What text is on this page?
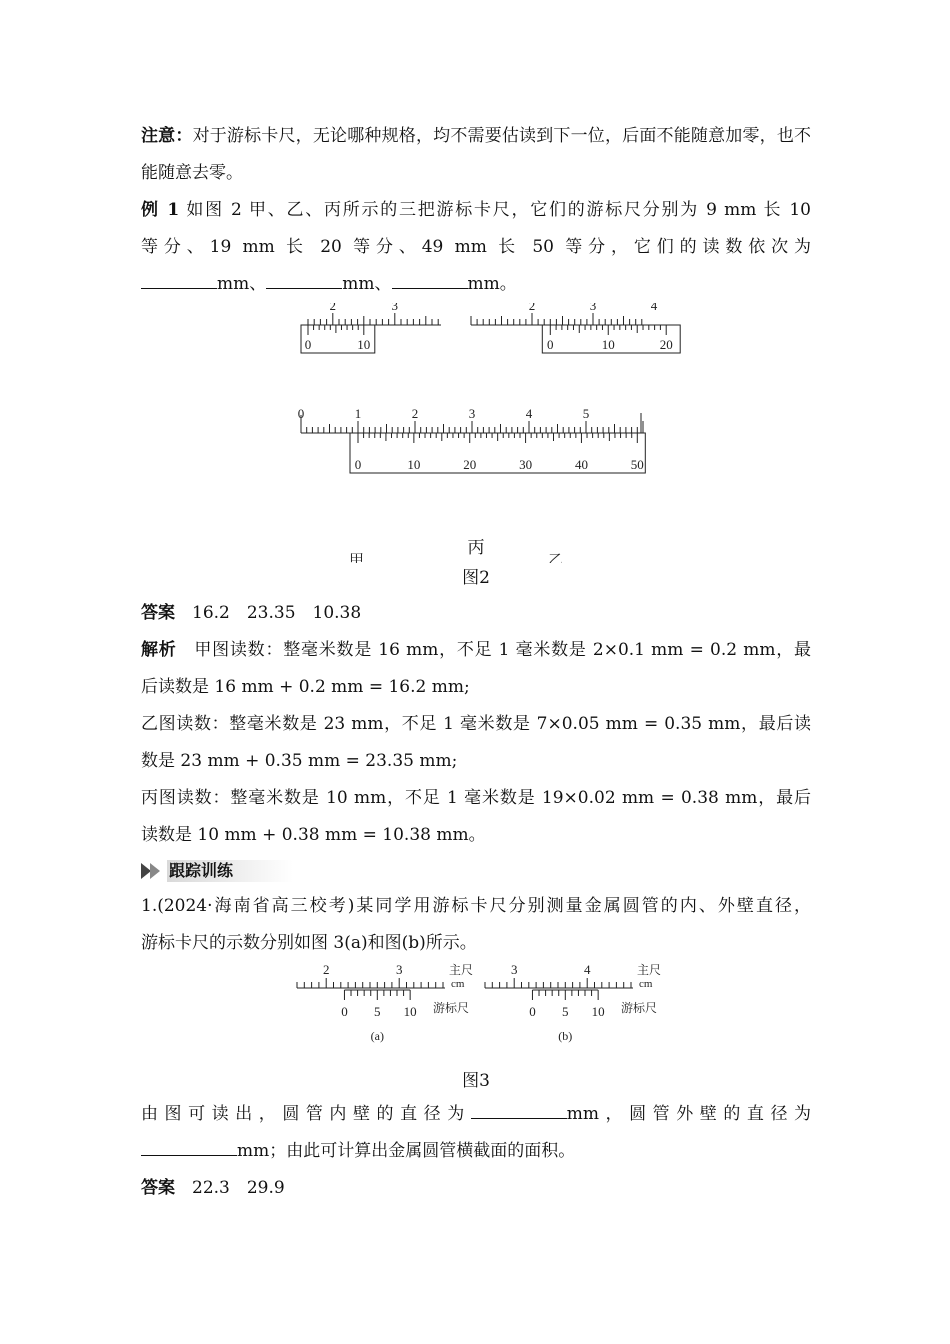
注意：对于游标卡尺，无论哪种规格，均不需要估读到下一位，后面不能随意加零，也不能随意去零。

例 1 如图 2 甲、乙、丙所示的三把游标卡尺，它们的游标尺分别为 9 mm 长 10

等分、19 mm 长 20 等分、49 mm 长 50 等分，它们的读数依次为

mm、	mm、	mm。

2	3
0	10
2	3	4
0	10	20
0	1	2	3	4	5
0	10	20	30	40	50
甲	乙
丙
图2

答案　 16.2　23.35　10.38

解析　 甲图读数：整毫米数是 16 mm，不足 1 毫米数是 2×0.1 mm = 0.2 mm，最

后读数是 16 mm + 0.2 mm = 16.2 mm;

乙图读数：整毫米数是 23 mm，不足 1 毫米数是 7×0.05 mm = 0.35 mm，最后读

数是 23 mm + 0.35 mm = 23.35 mm;

丙图读数：整毫米数是 10 mm，不足 1 毫米数是 19×0.02 mm = 0.38 mm，最后

读数是 10 mm + 0.38 mm = 10.38 mm。

跟踪训练

1.(2024·海南省高三校考)某同学用游标卡尺分别测量金属圆管的内、外壁直径，

游标卡尺的示数分别如图 3(a)和图(b)所示。

2	3	主尺
cm
0 5 10 游标尺
(a)
3	4	主尺
cm
0 5 10 游标尺
(b)
图3

由图可读出，圆管内壁的直径为	mm，圆管外壁的直径为

mm；由此可计算出金属圆管横截面的面积。

答案　 22.3　29.9
